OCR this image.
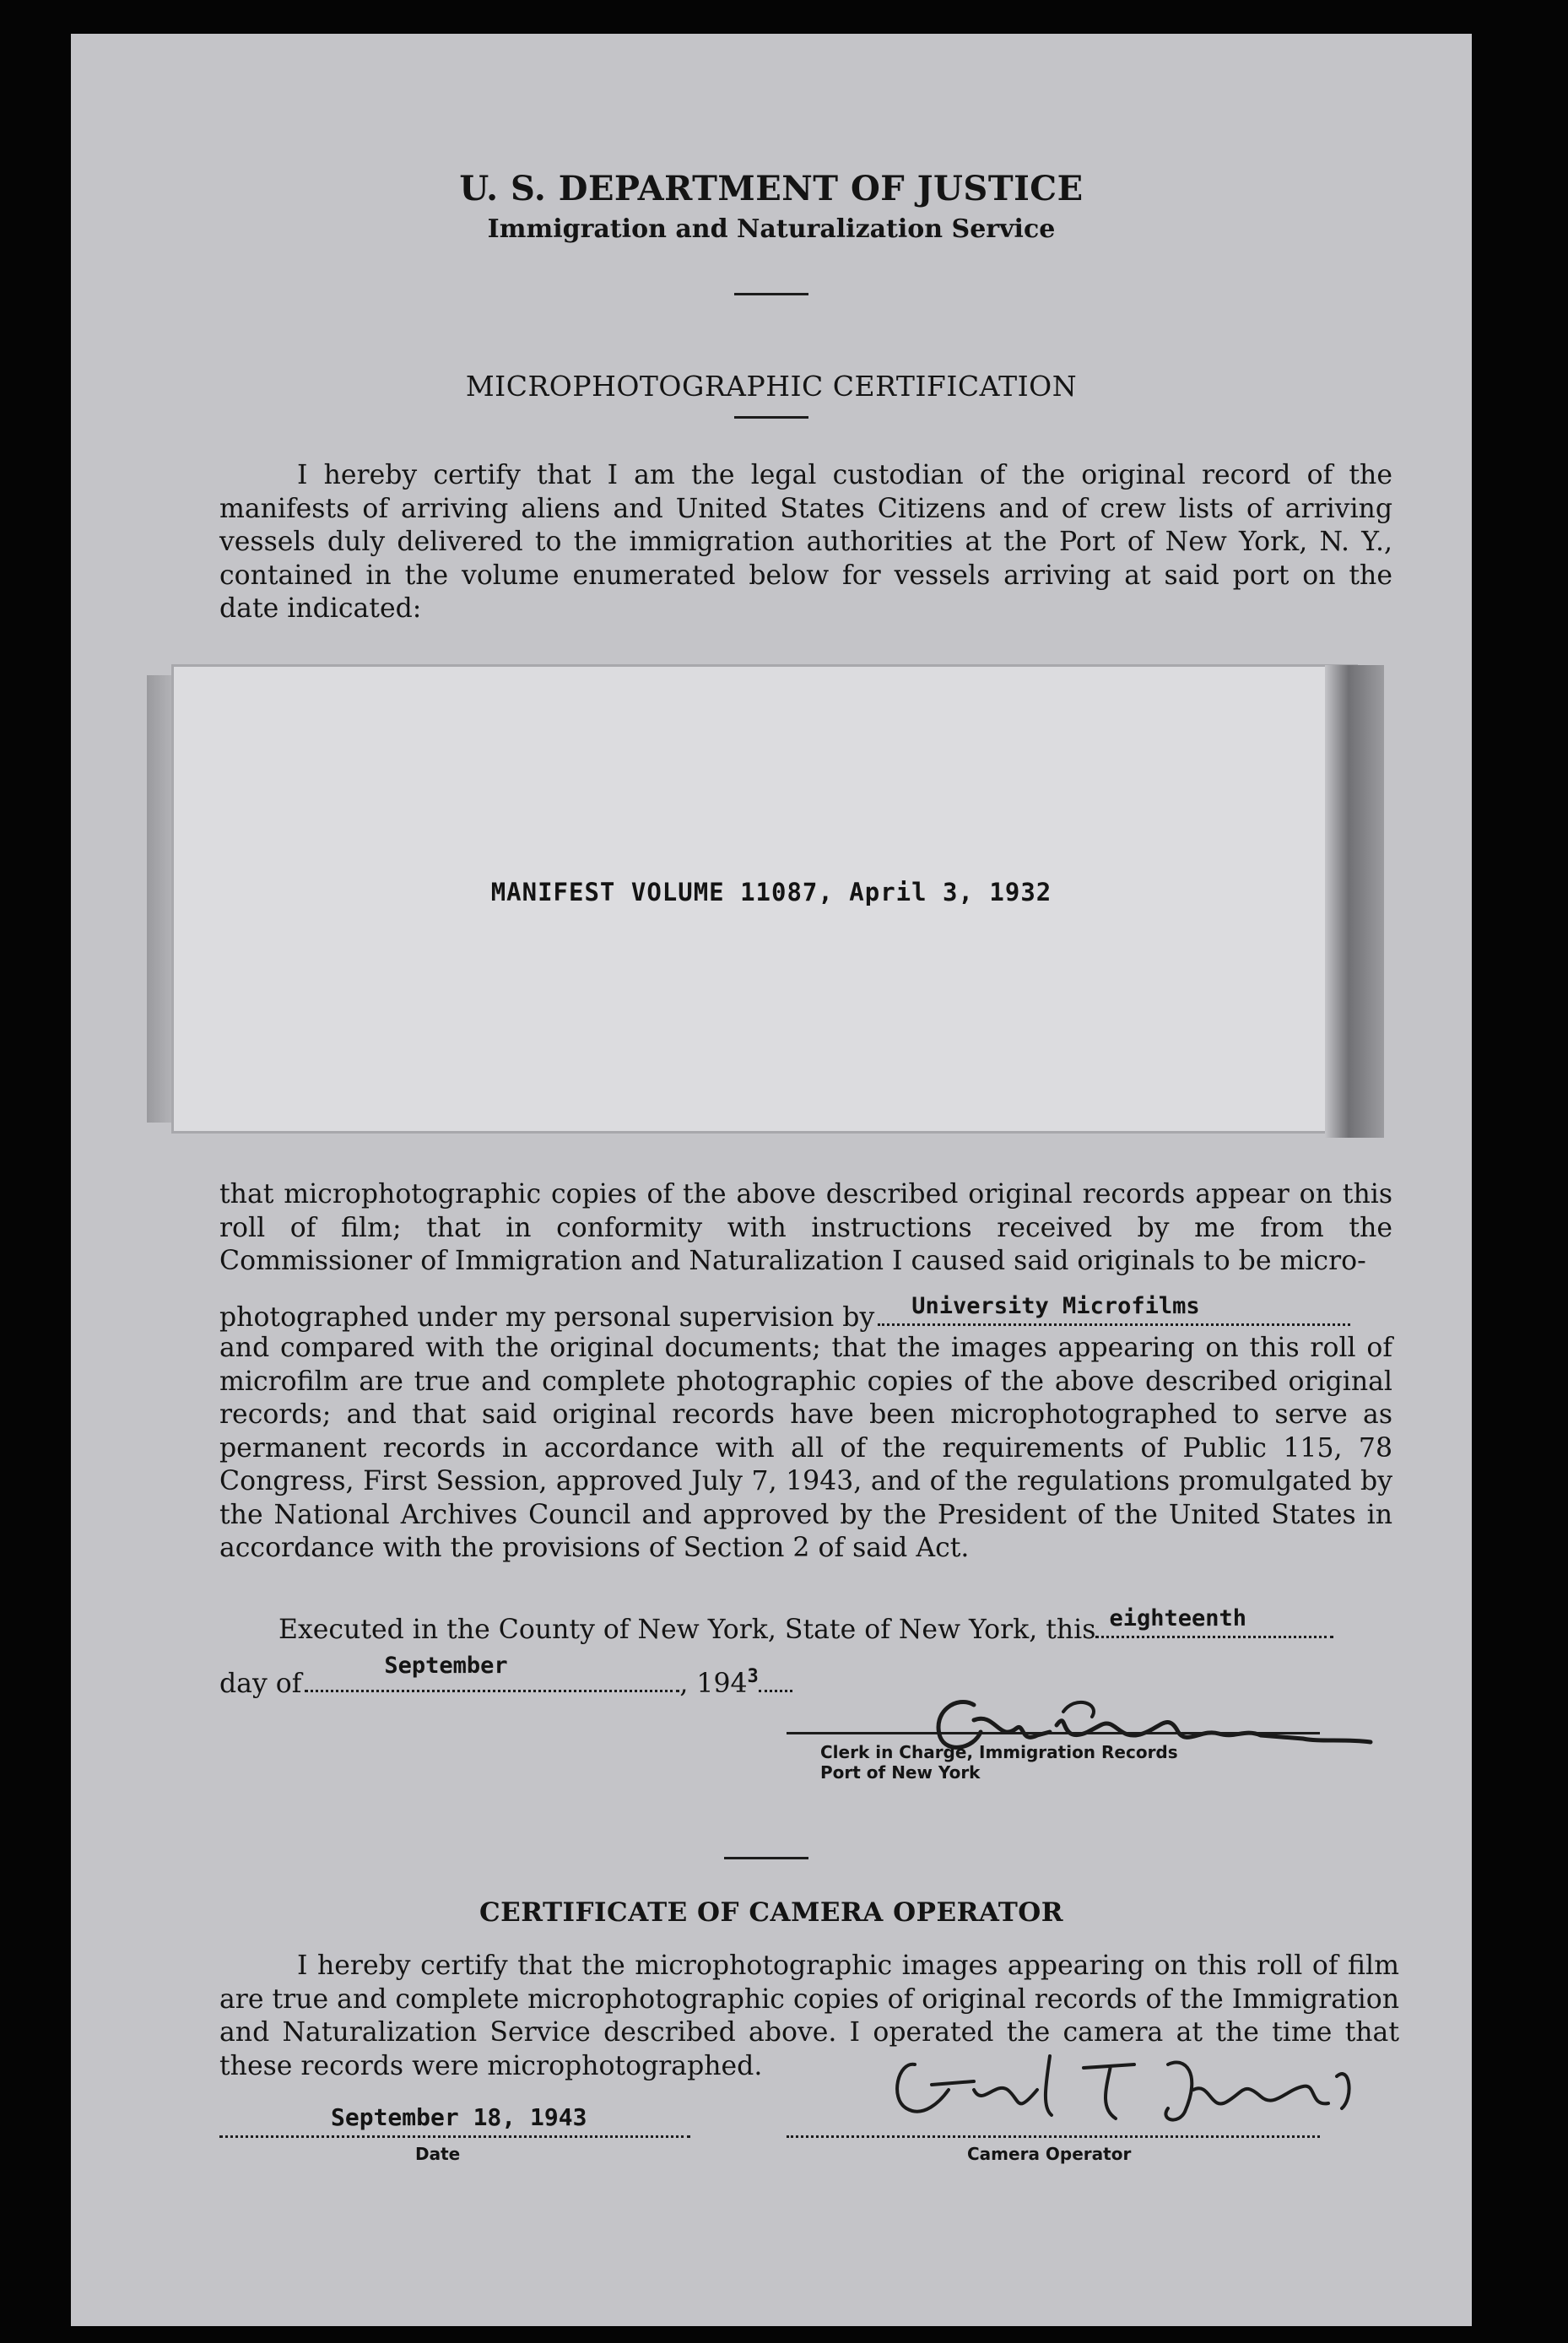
U. S. DEPARTMENT OF JUSTICE
Immigration and Naturalization Service
MICROPHOTOGRAPHIC CERTIFICATION
I hereby certify that I am the legal custodian of the original record of the manifests of arriving aliens and United States Citizens and of crew lists of arriving vessels duly delivered to the immigration authorities at the Port of New York, N. Y., contained in the volume enumerated below for vessels arriving at said port on the date indicated:
MANIFEST VOLUME 11087, April 3, 1932
that microphotographic copies of the above described original records appear on this roll of film; that in conformity with instructions received by me from the Commissioner of Immigration and Naturalization I caused said originals to be micro-
photographed under my personal supervision by University Microfilms
and compared with the original documents; that the images appearing on this roll of microfilm are true and complete photographic copies of the above described original records; and that said original records have been microphotographed to serve as permanent records in accordance with all of the requirements of Public 115, 78 Congress, First Session, approved July 7, 1943, and of the regulations promulgated by the National Archives Council and approved by the President of the United States in accordance with the provisions of Section 2 of said Act.
Executed in the County of New York, State of New York, this eighteenth
day of
September
, $194^3$
Clerk in Charge, Immigration Records
Port of New York
CERTIFICATE OF CAMERA OPERATOR
I hereby certify that the microphotographic images appearing on this roll of film are true and complete microphotographic copies of original records of the Immigration and Naturalization Service described above. I operated the camera at the time that these records were microphotographed.
September 18, 1943
Date	Camera Operator
